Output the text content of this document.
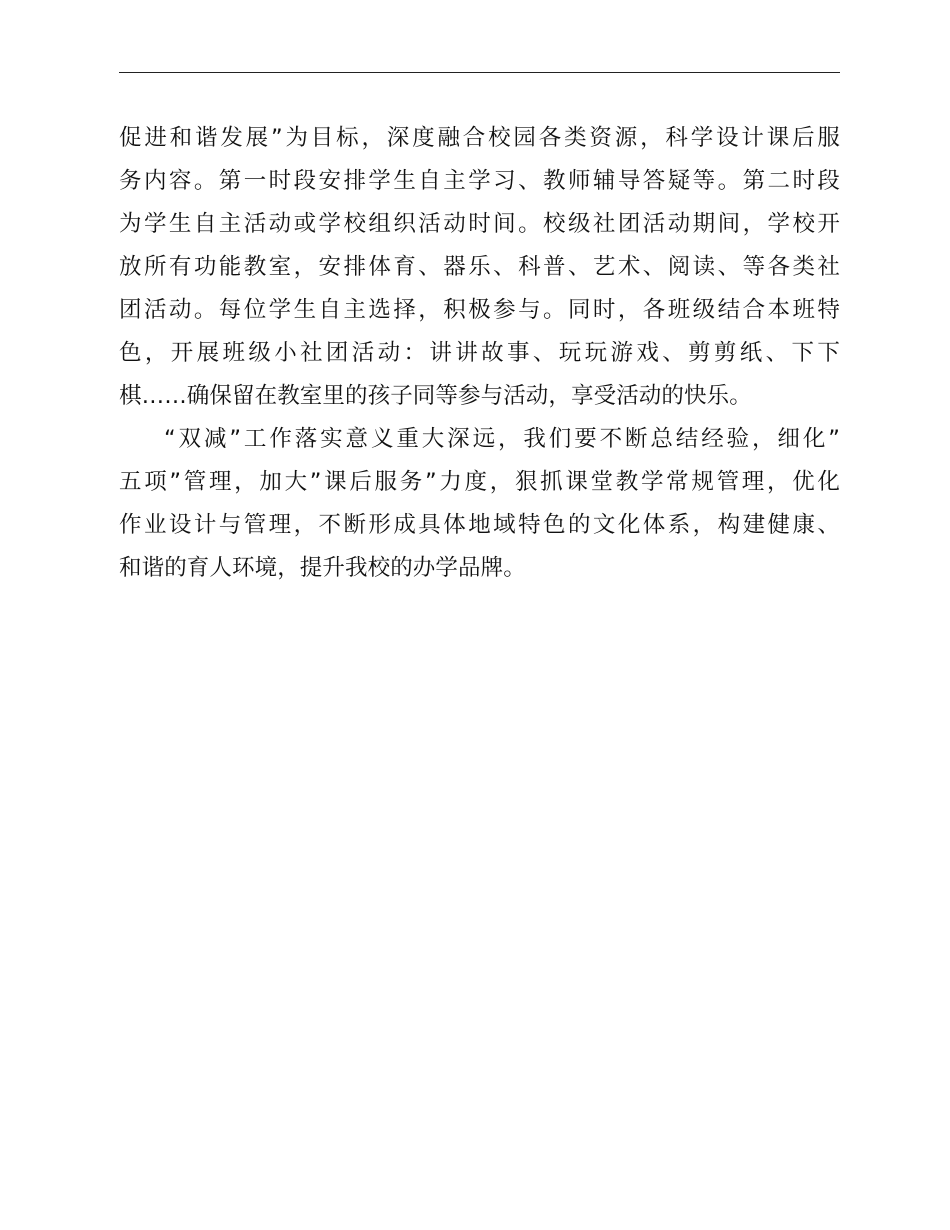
促进和谐发展”为目标，深度融合校园各类资源，科学设计课后服
务内容。第一时段安排学生自主学习、教师辅导答疑等。第二时段
为学生自主活动或学校组织活动时间。校级社团活动期间，学校开
放所有功能教室，安排体育、器乐、科普、艺术、阅读、等各类社
团活动。每位学生自主选择，积极参与。同时，各班级结合本班特
色，开展班级小社团活动：讲讲故事、玩玩游戏、剪剪纸、下下
棋……确保留在教室里的孩子同等参与活动，享受活动的快乐。
“双减”工作落实意义重大深远，我们要不断总结经验，细化”
五项”管理，加大”课后服务”力度，狠抓课堂教学常规管理，优化
作业设计与管理，不断形成具体地域特色的文化体系，构建健康、
和谐的育人环境，提升我校的办学品牌。
